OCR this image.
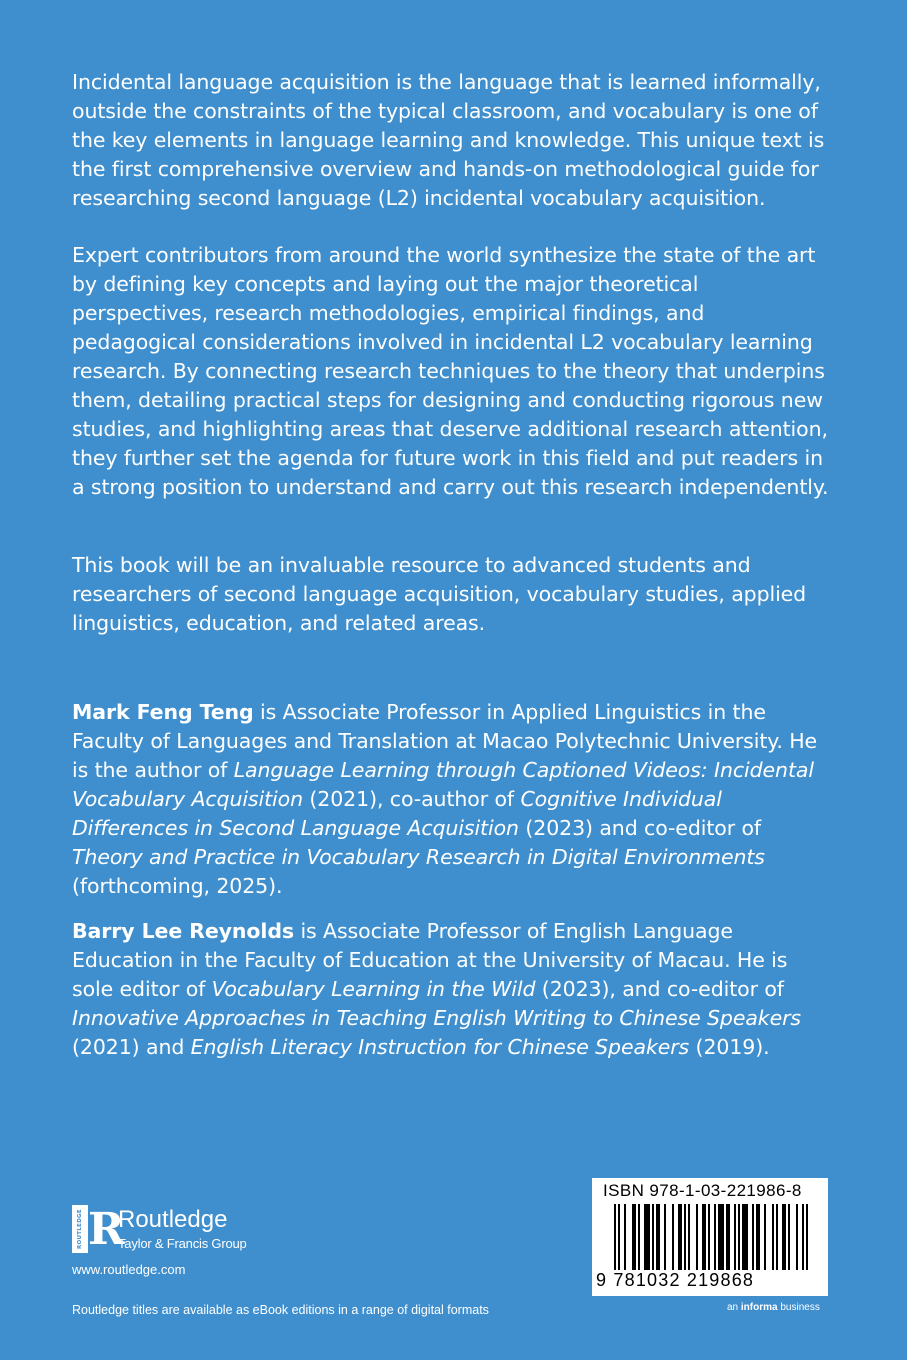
Incidental language acquisition is the language that is learned informally, outside the constraints of the typical classroom, and vocabulary is one of the key elements in language learning and knowledge. This unique text is the first comprehensive overview and hands-on methodological guide for researching second language (L2) incidental vocabulary acquisition.

Expert contributors from around the world synthesize the state of the art by defining key concepts and laying out the major theoretical perspectives, research methodologies, empirical findings, and pedagogical considerations involved in incidental L2 vocabulary learning research. By connecting research techniques to the theory that underpins them, detailing practical steps for designing and conducting rigorous new studies, and highlighting areas that deserve additional research attention, they further set the agenda for future work in this field and put readers in a strong position to understand and carry out this research independently.

This book will be an invaluable resource to advanced students and researchers of second language acquisition, vocabulary studies, applied linguistics, education, and related areas.

Mark Feng Teng is Associate Professor in Applied Linguistics in the Faculty of Languages and Translation at Macao Polytechnic University. He is the author of Language Learning through Captioned Videos: Incidental Vocabulary Acquisition (2021), co-author of Cognitive Individual Differences in Second Language Acquisition (2023) and co-editor of Theory and Practice in Vocabulary Research in Digital Environments (forthcoming, 2025).

Barry Lee Reynolds is Associate Professor of English Language Education in the Faculty of Education at the University of Macau. He is sole editor of Vocabulary Learning in the Wild (2023), and co-editor of Innovative Approaches in Teaching English Writing to Chinese Speakers (2021) and English Literacy Instruction for Chinese Speakers (2019).

ROUTLEDGE R
Routledge
Taylor & Francis Group
www.routledge.com
Routledge titles are available as eBook editions in a range of digital formats
ISBN 978-1-03-221986-8
9 781032 219868
an informa business
